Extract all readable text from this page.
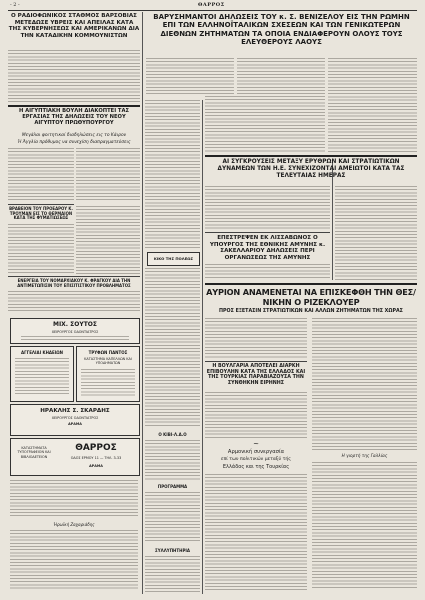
- 2 -	ΘΑΡΡΟΣ
Ο ΡΑΔΙΟΦΩΝΙΚΟΣ ΣΤΑΘΜΟΣ ΒΑΡΣΟΒΙΑΣ ΜΕΤΕΔΩΣΕ ΥΒΡΕΙΣ ΚΑΙ ΑΠΕΙΛΑΣ ΚΑΤΑ ΤΗΣ ΚΥΒΕΡΝΗΣΕΩΣ ΚΑΙ ΑΜΕΡΙΚΑΝΩΝ ΔΙΑ ΤΗΝ ΚΑΤΑΔΙΚΗΝ ΚΟΜΜΟΥΝΙΣΤΩΝ
Η ΑΙΓΥΠΤΙΑΚΗ ΒΟΥΛΗ ΔΙΑΚΟΠΤΕΙ ΤΑΣ ΕΡΓΑΣΙΑΣ ΤΗΣ ΔΗΛΩΣΕΙΣ ΤΟΥ ΝΕΟΥ ΑΙΓΥΠΤΟΥ ΠΡΩΘΥΠΟΥΡΓΟΥ
Μεγάλαι φοιτητικαί διαδηλώσεις εις το Κάιρον
Ή Άγγλία πρόθυμος να συνεχίση διαπραγματεύσεις
ΒΡΑΒΕΙΟΝ ΤΟΥ ΠΡΟΕΔΡΟΥ Κ. ΤΡΟΥΜΑΝ ΕΙΣ ΤΟ ΘΕΡΜΑΙΟΝ ΚΑΤΑ ΤΗΣ ΦΥΜΑΤΙΩΣΕΩΣ
ΕΝΕΡΓΕΙΑ ΤΟΥ ΝΟΜΑΡΧΙΑΚΟΥ Κ. ΦΡΑΓΚΟΥ ΔΙΑ ΤΗΝ ΑΝΤΙΜΕΤΩΠΙΣΙΝ ΤΟΥ ΕΠΙΣΙΤΙΣΤΙΚΟΥ ΠΡΟΒΛΗΜΑΤΟΣ
ΜΙΧ. ΣΟΥΤΟΣ
ΧΕΙΡΟΥΡΓΟΣ ΟΔΟΝΤΙΑΤΡΟΣ
ΑΓΓΕΛΙΑΙ ΚΗΔΕΙΩΝ	ΤΡΥΦΩΝ ΠΑΝΤΟΣ
ΚΑΤΑΣΤΗΜΑ ΚΑΠΕΛΛΩΝ ΚΑΙ ΥΠΟΔΗΜΑΤΩΝ
ΗΡΑΚΛΗΣ Σ. ΣΚΑΡΔΗΣ
ΧΕΙΡΟΥΡΓΟΣ ΟΔΟΝΤΙΑΤΡΟΣ
ΔΡΑΜΑ
ΚΑΤΑΣΤΗΜΑΤΑ ΤΥΠΟΓΡΑΦΕΙΟΝ ΚΑΙ ΒΙΒΛΙΟΔΕΤΕΙΟΝ
ΘΑΡΡΟΣ
ΟΔΟΣ ΕΡΜΟΥ 11 — ΤΗΛ. 3-33
ΔΡΑΜΑ
Ήρωϊκή Ζαχαριάδης
ΚΙΚΟ ΤΗΣ ΠΟΛΕΩΣ
Ο ΚΙΒΙ-Λ.Α.Ο
ΠΡΟΓΡΑΜΜΑ
ΣΥΛΛΥΠΗΤΗΡΙΑ
ΒΑΡΥΣΗΜΑΝΤΟΙ ΔΗΛΩΣΕΙΣ ΤΟΥ κ. Σ. ΒΕΝΙΖΕΛΟΥ ΕΙΣ ΤΗΝ ΡΩΜΗΝ ΕΠΙ ΤΩΝ ΕΛΛΗΝΟΪΤΑΛΙΚΩΝ ΣΧΕΣΕΩΝ ΚΑΙ ΤΩΝ ΓΕΝΙΚΩΤΕΡΩΝ ΔΙΕΘΝΩΝ ΖΗΤΗΜΑΤΩΝ ΤΑ ΟΠΟΙΑ ΕΝΔΙΑΦΕΡΟΥΝ ΟΛΟΥΣ ΤΟΥΣ ΕΛΕΥΘΕΡΟΥΣ ΛΑΟΥΣ
ΑΙ ΣΥΓΚΡΟΥΣΕΙΣ ΜΕΤΑΞΥ ΕΡΥΘΡΩΝ ΚΑΙ ΣΤΡΑΤΙΩΤΙΚΩΝ ΔΥΝΑΜΕΩΝ ΤΩΝ Η.Ε. ΣΥΝΕΧΙΖΟΝΤΑΙ ΑΜΕΙΩΤΟΙ ΚΑΤΑ ΤΑΣ ΤΕΛΕΥΤΑΙΑΣ ΗΜΕΡΑΣ
ΕΠΕΣΤΡΕΨΕΝ ΕΚ ΛΙΣΣΑΒΩΝΟΣ Ο ΥΠΟΥΡΓΟΣ ΤΗΣ ΕΘΝΙΚΗΣ ΑΜΥΝΗΣ κ. ΣΑΚΕΛΛΑΡΙΟΥ ΔΗΛΩΣΕΙΣ ΠΕΡΙ ΟΡΓΑΝΩΣΕΩΣ ΤΗΣ ΑΜΥΝΗΣ
ΑΥΡΙΟΝ ΑΝΑΜΕΝΕΤΑΙ ΝΑ ΕΠΙΣΚΕΦΘΗ ΤΗΝ ΘΕΣ/ΝΙΚΗΝ Ο ΡΙΖΕΚΛΟΥΕΡ
ΠΡΟΣ ΕΞΕΤΑΣΙΝ ΣΤΡΑΤΙΩΤΙΚΩΝ ΚΑΙ ΑΛΛΩΝ ΖΗΤΗΜΑΤΩΝ ΤΗΣ ΧΩΡΑΣ
Η ΒΟΥΛΓΑΡΙΑ ΑΠΟΤΕΛΕΙ ΔΙΑΡΚΗ ΕΠΙΒΟΥΛΗΝ ΚΑΤΑ ΤΗΣ ΕΛΛΑΔΟΣ ΚΑΙ ΤΗΣ ΤΟΥΡΚΙΑΣ ΠΑΡΑΒΙΑΖΟΥΣΑ ΤΗΝ ΣΥΝΘΗΚΗΝ ΕΙΡΗΝΗΣ
~
Αρμονική συνεργασία
επί των πολιτικών μεταξύ τής
Ελλάδος και της Τουρκίας
Η γιορτή της Γαλλίας
